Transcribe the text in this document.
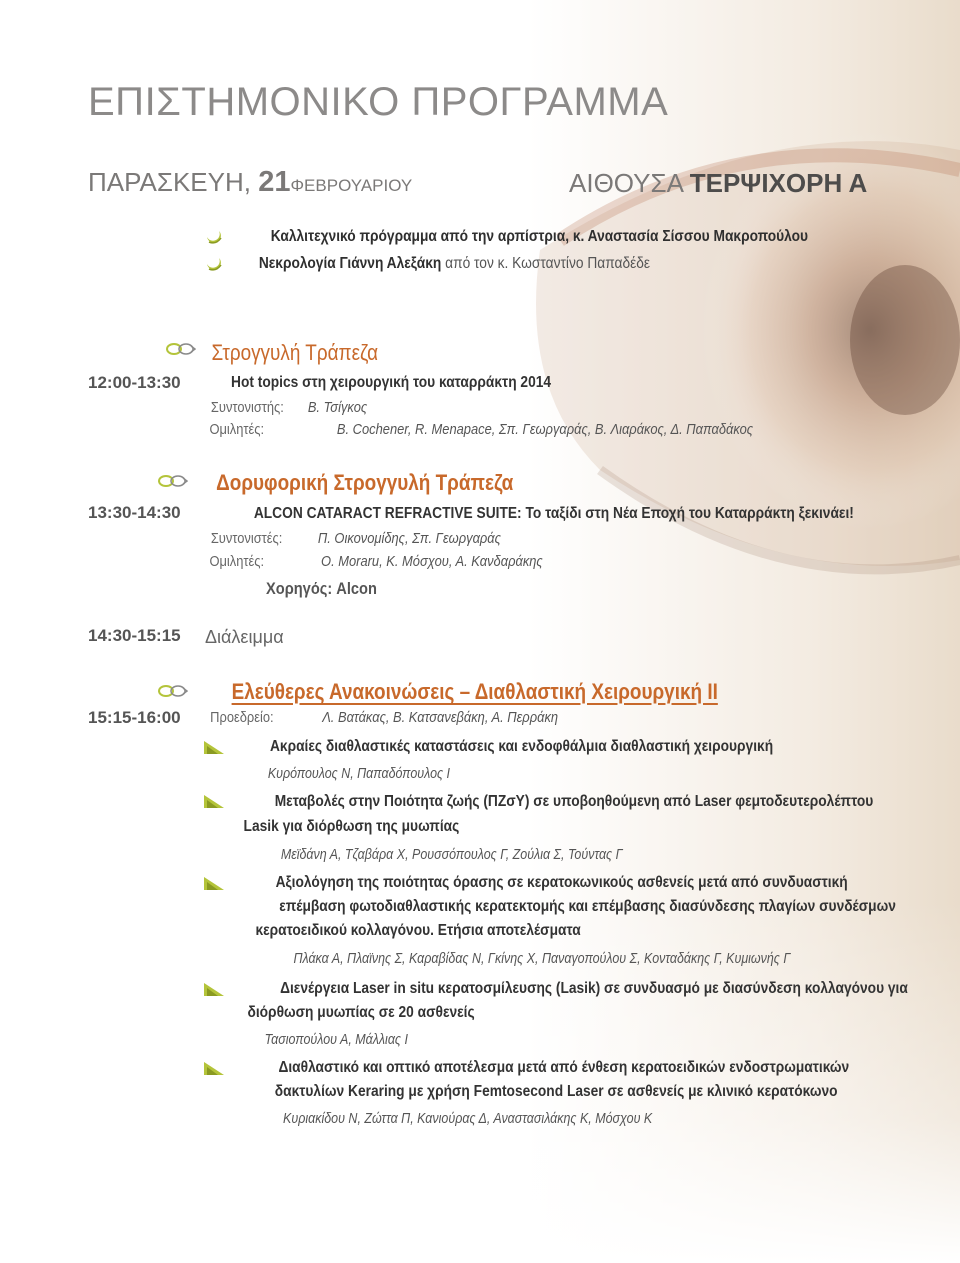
ΕΠΙΣΤΗΜΟΝΙΚΟ ΠΡΟΓΡΑΜΜΑ
ΠΑΡΑΣΚΕΥΗ, 21ΦΕΒΡΟΥΑΡΙΟΥ	ΑΙΘΟΥΣΑ ΤΕΡΨΙΧΟΡΗ Α
Καλλιτεχνικό πρόγραμμα από την αρπίστρια, κ. Αναστασία Σίσσου Μακροπούλου
Νεκρολογία Γιάννη Αλεξάκη από τον κ. Κωσταντίνο Παπαδέδε
Στρογγυλή Τράπεζα
12:00-13:30	Hot topics στη χειρουργική του καταρράκτη 2014
Συντονιστής: Β. Τσίγκος
Ομιλητές:	Β. Cochener, R. Menapace, Σπ. Γεωργαράς, Β. Λιαράκος, Δ. Παπαδάκος
Δορυφορική Στρογγυλή Τράπεζα
13:30-14:30	ALCON CATARACT REFRACTIVE SUITE: Το ταξίδι στη Νέα Εποχή του Καταρράκτη ξεκινάει!
Συντονιστές: Π. Οικονομίδης, Σπ. Γεωργαράς
Ομιλητές:	O. Moraru, Κ. Μόσχου, Α. Κανδαράκης
Χορηγός: Alcon
14:30-15:15 Διάλειμμα
Ελεύθερες Ανακοινώσεις – Διαθλαστική Χειρουργική ΙΙ
15:15-16:00 Προεδρείο:	Λ. Βατάκας, Β. Κατσανεβάκη, Α. Περράκη
Ακραίες διαθλαστικές καταστάσεις και ενδοφθάλμια διαθλαστική χειρουργική
Κυρόπουλος Ν, Παπαδόπουλος Ι
Μεταβολές στην Ποιότητα ζωής (ΠΖσΥ) σε υποβοηθούμενη από Laser φεμτοδευτερολέπτου
Lasik για διόρθωση της μυωπίας
Μεϊδάνη Α, Τζαβάρα Χ, Ρουσσόπουλος Γ, Ζούλια Σ, Τούντας Γ
Αξιολόγηση της ποιότητας όρασης σε κερατοκωνικούς ασθενείς μετά από συνδυαστική
επέμβαση φωτοδιαθλαστικής κερατεκτομής και επέμβασης διασύνδεσης πλαγίων συνδέσμων
κερατοειδικού κολλαγόνου. Ετήσια αποτελέσματα
Πλάκα Α, Πλαϊνης Σ, Καραβίδας Ν, Γκίνης Χ, Παναγοπούλου Σ, Κονταδάκης Γ, Κυμιωνής Γ
Διενέργεια Laser in situ κερατοσμίλευσης (Lasik) σε συνδυασμό με διασύνδεση κολλαγόνου για
διόρθωση μυωπίας σε 20 ασθενείς
Τασιοπούλου Α, Μάλλιας Ι
Διαθλαστικό και οπτικό αποτέλεσμα μετά από ένθεση κερατοειδικών ενδοστρωματικών
δακτυλίων Keraring με χρήση Femtosecond Laser σε ασθενείς με κλινικό κερατόκωνο
Κυριακίδου Ν, Ζώττα Π, Κανιούρας Δ, Αναστασιλάκης Κ, Μόσχου Κ
